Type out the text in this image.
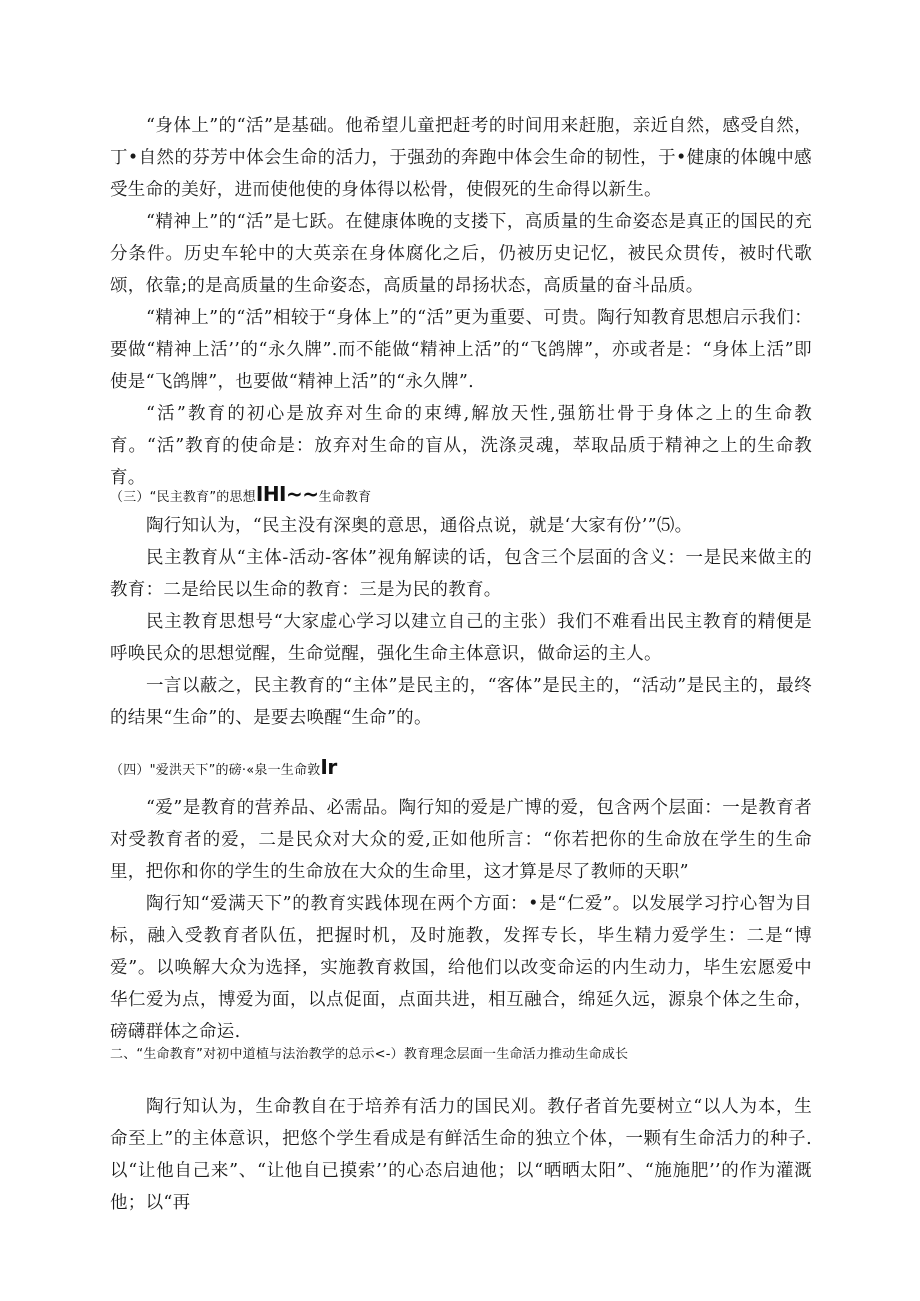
“身体上”的“活”是基础。他希望儿童把赶考的时间用来赶胞，亲近自然，感受自然，丁•自然的芬芳中体会生命的活力，于强劲的奔跑中体会生命的韧性，于•健康的体魄中感受生命的美好，进而使他使的身体得以松骨，使假死的生命得以新生。

“精神上”的“活”是七跃。在健康体晚的支搂下，高质量的生命姿态是真正的国民的充分条件。历史车轮中的大英亲在身体腐化之后，仍被历史记忆，被民众贯传，被时代歌颂，依靠;的是高质量的生命姿态，高质量的昂扬状态，高质量的奋斗品质。

“精神上”的“活”相较于“身体上”的“活”更为重要、可贵。陶行知教育思想启示我们：要做“精神上活’’的“永久牌”.而不能做“精神上活”的“飞鸽牌”，亦或者是：“身体上活”即使是“飞鸽牌”，也要做“精神上活”的“永久牌”.

“活”教育的初心是放弃对生命的束缚,解放天性,强筋壮骨于身体之上的生命教育。“活”教育的使命是：放弃对生命的盲从，洗涤灵魂，萃取品质于精神之上的生命教育。

（三）“民主教育”的思想IHI~~生命教育

陶行知认为，“民主没有深奥的意思，通俗点说，就是‘大家有份’”⑸。

民主教育从“主体-活动-客体”视角解读的话，包含三个层面的含义：一是民来做主的教育：二是给民以生命的教育：三是为民的教育。

民主教育思想号“大家虚心学习以建立自己的主张）我们不难看出民主教育的精便是呼唤民众的思想觉醒，生命觉醒，强化生命主体意识，做命运的主人。

一言以蔽之，民主教育的“主体”是民主的，“客体”是民主的，“活动”是民主的，最终的结果“生命”的、是要去唤醒“生命”的。

（四）"爱洪天下”的磅·«泉一生命敦Ir

“爱”是教育的营养品、必需品。陶行知的爱是广博的爱，包含两个层面：一是教育者对受教育者的爱，二是民众对大众的爱,正如他所言：“你若把你的生命放在学生的生命里，把你和你的学生的生命放在大众的生命里，这才算是尽了教师的天职”

陶行知“爱满天下”的教育实践体现在两个方面：•是“仁爱”。以发展学习拧心智为目标，融入受教育者队伍，把握时机，及时施教，发挥专长，毕生精力爱学生：二是“博爱”。以唤解大众为选择，实施教育救国，给他们以改变命运的内生动力，毕生宏愿爱中华仁爱为点，博爱为面，以点促面，点面共进，相互融合，绵延久远，源泉个体之生命，磅礴群体之命运.

二、“生命教育”对初中道植与法治教学的总示<-）教育理念层面一生命活力推动生命成长

陶行知认为，生命教自在于培养有活力的国民刈。教仔者首先要树立“以人为本，生命至上”的主体意识，把悠个学生看成是有鲜活生命的独立个体，一颗有生命活力的种子.以“让他自己来”、“让他自已摸索’’的心态启迪他；以“晒晒太阳”、“施施肥’’的作为灌溉他；以“再
